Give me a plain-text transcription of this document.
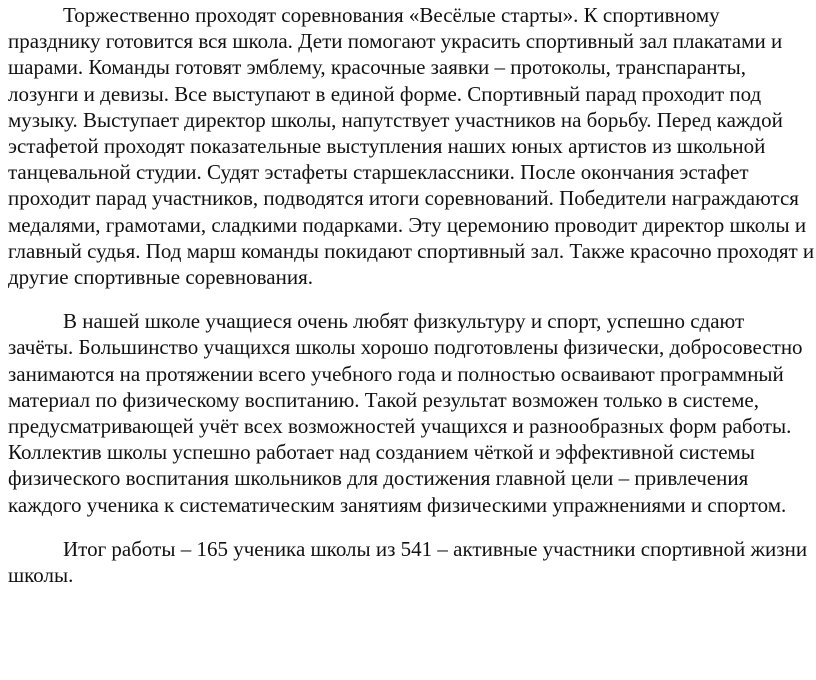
Торжественно проходят соревнования «Весёлые старты». К спортивному
празднику готовится вся школа. Дети помогают украсить спортивный зал плакатами и
шарами. Команды готовят эмблему, красочные заявки – протоколы, транспаранты,
лозунги и девизы. Все выступают в единой форме. Спортивный парад проходит под
музыку. Выступает директор школы, напутствует участников на борьбу. Перед каждой
эстафетой проходят показательные выступления наших юных артистов из школьной
танцевальной студии. Судят эстафеты старшеклассники. После окончания эстафет
проходит парад участников, подводятся итоги соревнований. Победители награждаются
медалями, грамотами, сладкими подарками. Эту церемонию проводит директор школы и
главный судья. Под марш команды покидают спортивный зал. Также красочно проходят и
другие спортивные соревнования.

В нашей школе учащиеся очень любят физкультуру и спорт, успешно сдают
зачёты. Большинство учащихся школы хорошо подготовлены физически, добросовестно
занимаются на протяжении всего учебного года и полностью осваивают программный
материал по физическому воспитанию. Такой результат возможен только в системе,
предусматривающей учёт всех возможностей учащихся и разнообразных форм работы.
Коллектив школы успешно работает над созданием чёткой и эффективной системы
физического воспитания школьников для достижения главной цели – привлечения
каждого ученика к систематическим занятиям физическими упражнениями и спортом.

Итог работы – 165 ученика школы из 541 – активные участники спортивной жизни
школы.
